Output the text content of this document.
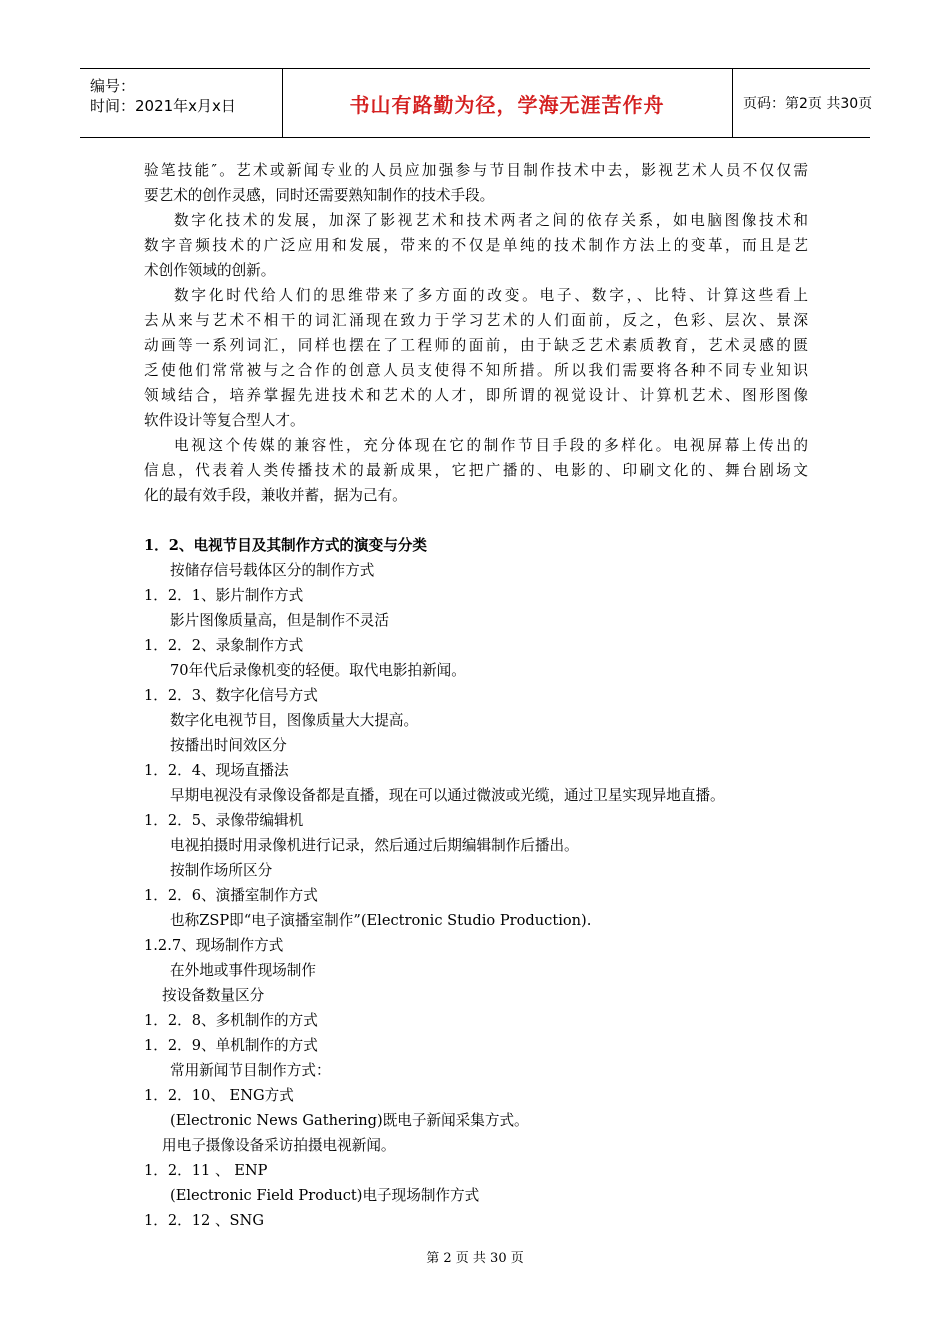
编号：
时间：2021年x月x日	书山有路勤为径，学海无涯苦作舟	页码：第2页 共30页
验笔技能″。艺术或新闻专业的人员应加强参与节目制作技术中去，影视艺术人员不仅仅需
要艺术的创作灵感，同时还需要熟知制作的技术手段。
数字化技术的发展，加深了影视艺术和技术两者之间的依存关系，如电脑图像技术和
数字音频技术的广泛应用和发展，带来的不仅是单纯的技术制作方法上的变革，而且是艺
术创作领域的创新。
数字化时代给人们的思维带来了多方面的改变。电子、数字，、比特、计算这些看上
去从来与艺术不相干的词汇涌现在致力于学习艺术的人们面前，反之，色彩、层次、景深
动画等一系列词汇，同样也摆在了工程师的面前，由于缺乏艺术素质教育，艺术灵感的匮
乏使他们常常被与之合作的创意人员支使得不知所措。所以我们需要将各种不同专业知识
领域结合，培养掌握先进技术和艺术的人才，即所谓的视觉设计、计算机艺术、图形图像
软件设计等复合型人才。
电视这个传媒的兼容性，充分体现在它的制作节目手段的多样化。电视屏幕上传出的
信息，代表着人类传播技术的最新成果，它把广播的、电影的、印刷文化的、舞台剧场文
化的最有效手段，兼收并蓄，据为己有。
1．2、电视节目及其制作方式的演变与分类
按储存信号载体区分的制作方式
1．2．1、影片制作方式
影片图像质量高，但是制作不灵活
1．2．2、录象制作方式
70年代后录像机变的轻便。取代电影拍新闻。
1．2．3、数字化信号方式
数字化电视节目，图像质量大大提高。
按播出时间效区分
1．2．4、现场直播法
早期电视没有录像设备都是直播，现在可以通过微波或光缆，通过卫星实现异地直播。
1．2．5、录像带编辑机
电视拍摄时用录像机进行记录，然后通过后期编辑制作后播出。
按制作场所区分
1．2．6、演播室制作方式
也称ZSP即“电子演播室制作”(Electronic Studio Production).
1.2.7、现场制作方式
在外地或事件现场制作
按设备数量区分
1．2．8、多机制作的方式
1．2．9、单机制作的方式
常用新闻节目制作方式：
1．2．10、 ENG方式
(Electronic News Gathering)既电子新闻采集方式。
用电子摄像设备采访拍摄电视新闻。
1．2．11 、 ENP
(Electronic Field Product)电子现场制作方式
1．2．12 、SNG
第 2 页 共 30 页
